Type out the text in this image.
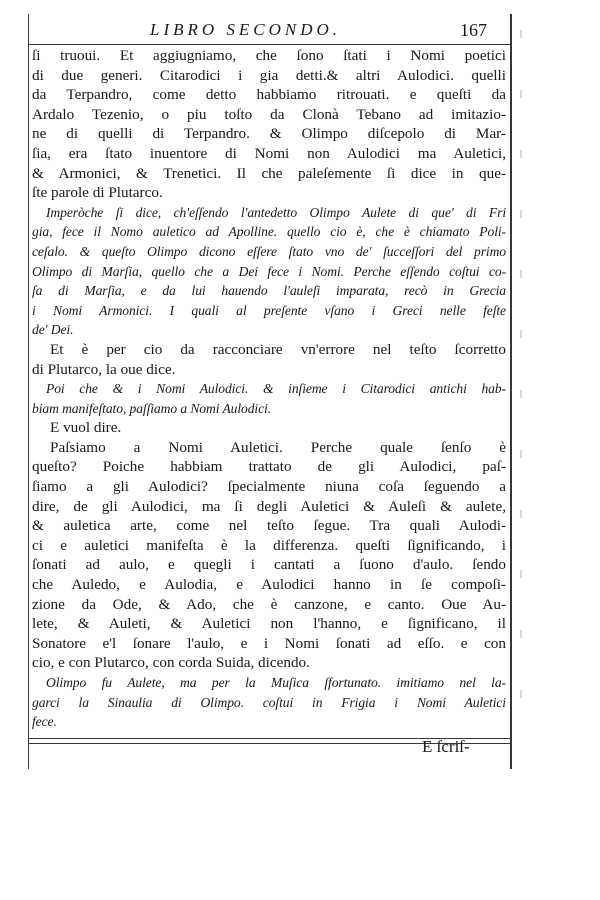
LIBRO SECONDO.	167
ſi truoui. Et aggiugniamo, che ſono ſtati i Nomi poetici
di due generi. Citarodici i gia detti.& altri Aulodici. quelli
da Terpandro, come detto habbiamo ritrouati. e queſti da
Ardalo Tezenio, o piu toſto da Clonà Tebano ad imitazio-
ne di quelli di Terpandro. & Olimpo diſcepolo di Mar-
ſia, era ſtato inuentore di Nomi non Aulodici ma Auletici,
& Armonici, & Trenetici. Il che paleſemente ſi dice in que-
ſte parole di Plutarco.
Imperòche ſi dice, ch'eſſendo l'antedetto Olimpo Aulete di que' di Fri
gia, fece il Nomo auletico ad Apolline. quello cio è, che è chiamato Poli-
ceſalo. & queſto Olimpo dicono eſſere ſtato vno de' ſucceſſori del primo
Olimpo di Marſia, quello che a Dei fece i Nomi. Perche eſſendo coſtui co-
ſa di Marſia, e da lui hauendo l'auleſi imparata, recò in Grecia
i Nomi Armonici. I quali al preſente vſano i Greci nelle feſte
de' Dei.
Et è per cio da racconciare vn'errore nel teſto ſcorretto
di Plutarco, la oue dice.
Poi che & i Nomi Aulodici. & inſieme i Citarodici antichi hab-
biam manifeſtato, paſſiamo a Nomi Aulodici.
E vuol dire.
Paſsiamo a Nomi Auletici. Perche quale ſenſo è
queſto? Poiche habbiam trattato de gli Aulodici, paſ-
ſiamo a gli Aulodici? ſpecialmente niuna coſa ſeguendo a
dire, de gli Aulodici, ma ſi degli Auletici & Auleſi & aulete,
& auletica arte, come nel teſto ſegue. Tra quali Aulodi-
ci e auletici manifeſta è la differenza. queſti ſignificando, i
ſonati ad aulo, e quegli i cantati a ſuono d'aulo. ſendo
che Auledo, e Aulodia, e Aulodici hanno in ſe compoſi-
zione da Ode, & Ado, che è canzone, e canto. Oue Au-
lete, & Auleti, & Auletici non l'hanno, e ſignificano, il
Sonatore e'l ſonare l'aulo, e i Nomi ſonati ad eſſo. e con
cio, e con Plutarco, con corda Suida, dicendo.
Olimpo fu Aulete, ma per la Muſica ſfortunato. imitiamo nel la-
garci la Sinaulia di Olimpo. coſtui in Frigia i Nomi Auletici
fece.
E ſcriſ-
